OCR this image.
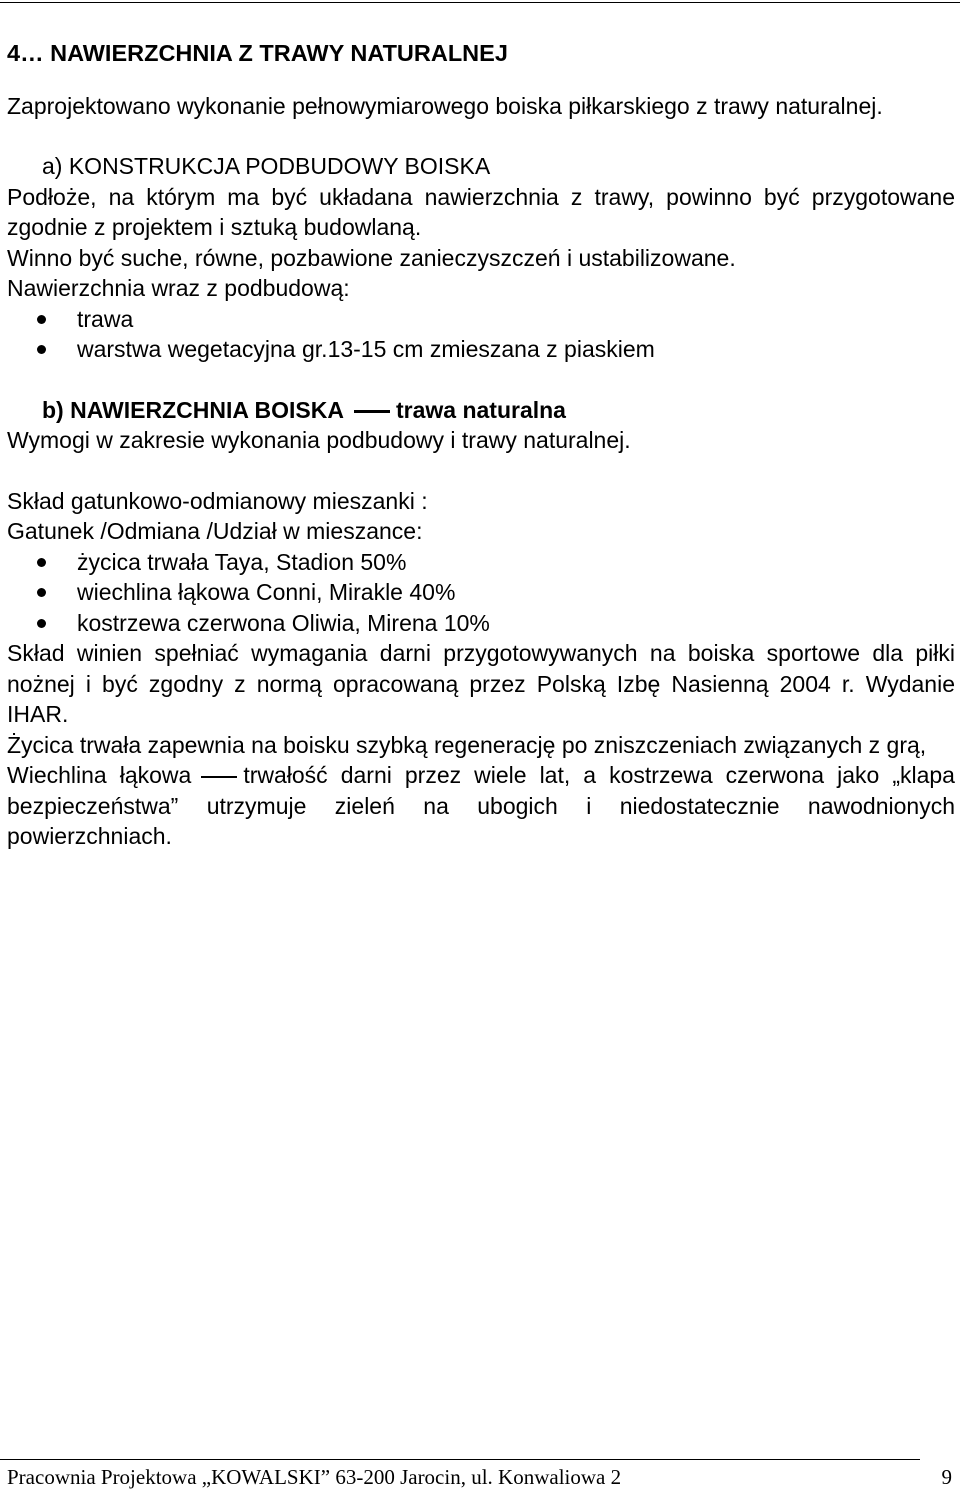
4… NAWIERZCHNIA Z TRAWY NATURALNEJ

Zaprojektowano wykonanie pełnowymiarowego boiska piłkarskiego z trawy naturalnej.

a) KONSTRUKCJA PODBUDOWY BOISKA

Podłoże, na którym ma być układana nawierzchnia z trawy, powinno być przygotowane zgodnie z projektem i sztuką budowlaną.

Winno być suche, równe, pozbawione zanieczyszczeń i ustabilizowane.

Nawierzchnia wraz z podbudową:

trawa
warstwa wegetacyjna gr.13-15 cm zmieszana z piaskiem

b) NAWIERZCHNIA BOISKA trawa naturalna

Wymogi w zakresie wykonania podbudowy i trawy naturalnej.

Skład gatunkowo-odmianowy mieszanki :

Gatunek /Odmiana /Udział w mieszance:

życica trwała Taya, Stadion 50%
wiechlina łąkowa Conni, Mirakle 40%
kostrzewa czerwona Oliwia, Mirena 10%

Skład winien spełniać wymagania darni przygotowywanych na boiska sportowe dla piłki nożnej i być zgodny z normą opracowaną przez Polską Izbę Nasienną 2004 r. Wydanie IHAR.

Życica trwała zapewnia na boisku szybką regenerację po zniszczeniach związanych z grą,

Wiechlina łąkowa trwałość darni przez wiele lat, a kostrzewa czerwona jako „klapa bezpieczeństwa” utrzymuje zieleń na ubogich i niedostatecznie nawodnionych powierzchniach.

Pracownia Projektowa „KOWALSKI” 63-200 Jarocin, ul. Konwaliowa 2	9
